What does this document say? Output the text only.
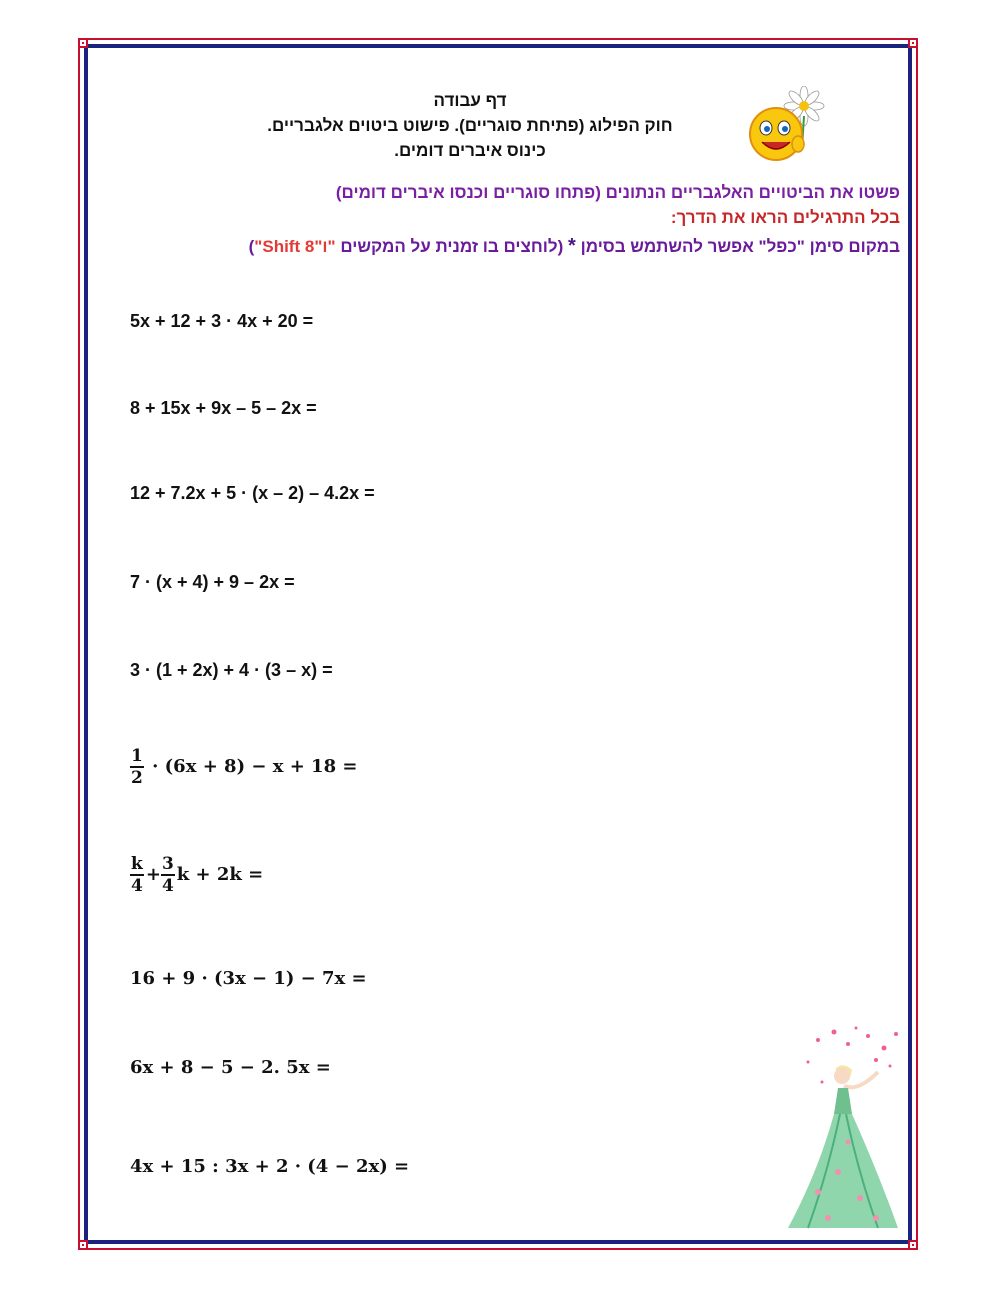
דף עבודה
חוק הפילוג (פתיחת סוגריים). פישוט ביטוים אלגבריים.
כינוס איברים דומים.
פשטו את הביטויים האלגבריים הנתונים (פתחו סוגריים וכנסו איברים דומים)
בכל התרגילים הראו את הדרך:
במקום סימן "כפל" אפשר להשתמש בסימן * (לוחצים בו זמנית על המקשים "Shift ו"8")
5x + 12 + 3 · 4x + 20 =
8 + 15x + 9x – 5 – 2x =
12 + 7.2x + 5 · (x – 2) – 4.2x =
7 · (x + 4) + 9 – 2x =
3 · (1 + 2x) + 4 · (3 – x) =
$\frac{1}{2} \cdot (6x + 8) - x + 18$ =
$\frac{k}{4} + \frac{3}{4}$ k + 2k =
16 + 9 · (3x − 1) − 7x =
6x + 8 − 5 − 2. 5x =
4x + 15 : 3x + 2 · (4 − 2x) =
